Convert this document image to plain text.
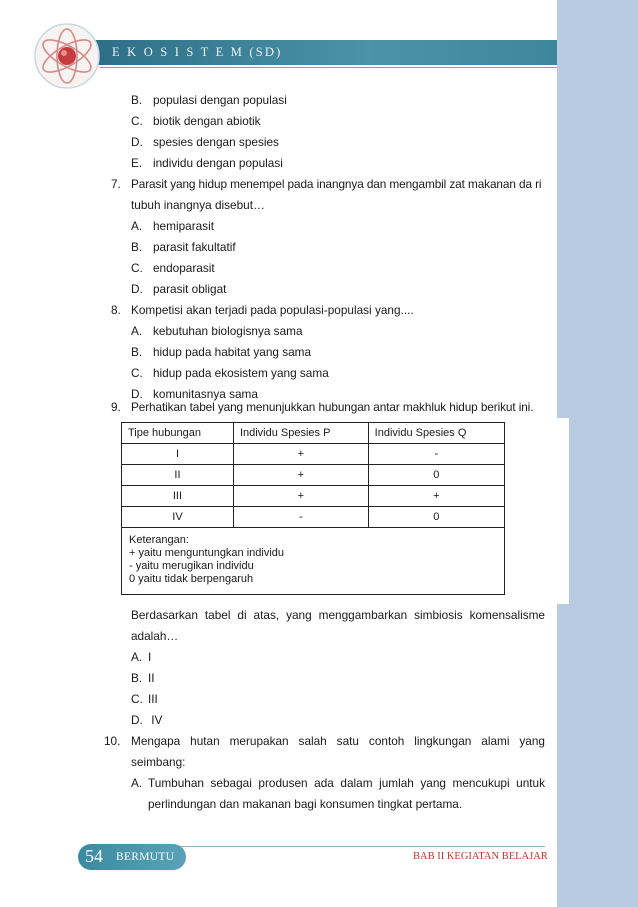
E K O S I S T E M (SD)
B. populasi dengan populasi
C. biotik dengan abiotik
D. spesies dengan spesies
E. individu dengan populasi
7. Parasit yang hidup menempel pada inangnya dan mengambil zat makanan da ri
tubuh inangnya disebut…
A. hemiparasit
B. parasit fakultatif
C. endoparasit
D. parasit obligat
8. Kompetisi akan terjadi pada populasi-populasi yang....
A. kebutuhan biologisnya sama
B. hidup pada habitat yang sama
C. hidup pada ekosistem yang sama
D. komunitasnya sama
9. Perhatikan tabel yang menunjukkan hubungan antar makhluk hidup berikut ini.
Tipe hubungan	Individu Spesies P	Individu Spesies Q
I	+	-
II	+	0
III	+	+
IV	-	0

Keterangan:
+ yaitu menguntungkan individu
- yaitu merugikan individu
0 yaitu tidak berpengaruh		
Berdasarkan tabel di atas, yang menggambarkan simbiosis komensalisme
adalah…
A. I
B. II
C. III
D. IV
10. Mengapa hutan merupakan salah satu contoh lingkungan alami yang
seimbang:
A. Tumbuhan sebagai produsen ada dalam jumlah yang mencukupi untuk
perlindungan dan makanan bagi konsumen tingkat pertama.
54 BERMUTU	BAB II KEGIATAN BELAJAR
